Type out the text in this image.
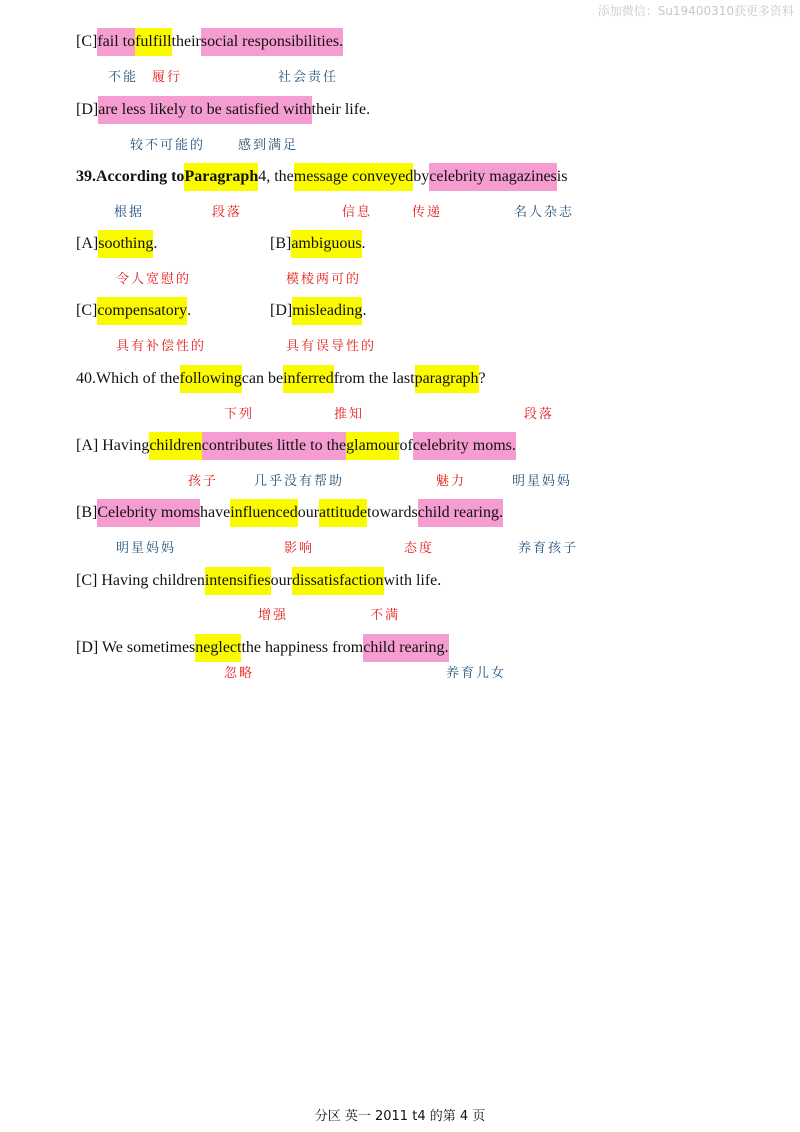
添加微信：Su19400310获更多资料
[C]fail tofulfilltheirsocial responsibilities.
不能 履行	社会责任
[D]are less likely to be satisfied withtheir life.
较不可能的	感到满足
39.According toParagraph4, themessage conveyedbycelebrity magazinesis
根据	段落	信息	传递	名人杂志
[A]soothing.	[B]ambiguous.
令人宽慰的	模棱两可的
[C]compensatory.	[D]misleading.
具有补偿性的	具有误导性的
40.Which of thefollowingcan beinferredfrom the lastparagraph?
下列	推知	段落
[A] Havingchildrencontributes little to theglamourofcelebrity moms.
孩子	几乎没有帮助	魅力	明星妈妈
[B]Celebrity momshaveinfluencedourattitudetowardschild rearing.
明星妈妈	影响	态度	养育孩子
[C] Having childrenintensifiesourdissatisfactionwith life.
增强	不满
[D] We sometimesneglectthe happiness fromchild rearing.
忽略	养育儿女
分区 英一 2011 t4 的第 4 页
